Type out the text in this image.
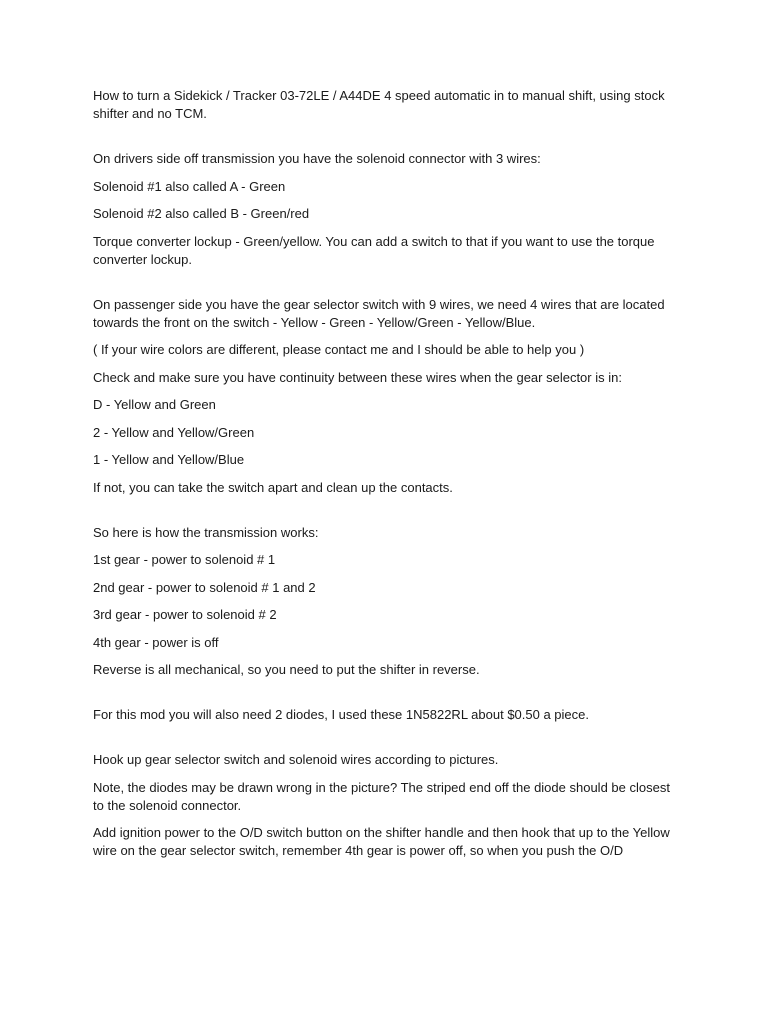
How to turn a Sidekick / Tracker 03-72LE / A44DE 4 speed automatic in to manual shift, using stock shifter and no TCM.

On drivers side off transmission you have the solenoid connector with 3 wires:

Solenoid #1 also called A - Green

Solenoid #2 also called B - Green/red

Torque converter lockup - Green/yellow. You can add a switch to that if you want to use the torque converter lockup.

On passenger side you have the gear selector switch with 9 wires, we need 4 wires that are located towards the front on the switch - Yellow - Green - Yellow/Green - Yellow/Blue.

( If your wire colors are different, please contact me and I should be able to help you )

Check and make sure you have continuity between these wires when the gear selector is in:

D - Yellow and Green

2 - Yellow and Yellow/Green

1 - Yellow and Yellow/Blue

If not, you can take the switch apart and clean up the contacts.

So here is how the transmission works:

1st gear - power to solenoid # 1

2nd gear - power to solenoid # 1 and 2

3rd gear - power to solenoid # 2

4th gear - power is off

Reverse is all mechanical, so you need to put the shifter in reverse.

For this mod you will also need 2 diodes, I used these 1N5822RL about $0.50 a piece.

Hook up gear selector switch and solenoid wires according to pictures.

Note, the diodes may be drawn wrong in the picture? The striped end off the diode should be closest to the solenoid connector.

Add ignition power to the O/D switch button on the shifter handle and then hook that up to the Yellow wire on the gear selector switch, remember 4th gear is power off, so when you push the O/D
